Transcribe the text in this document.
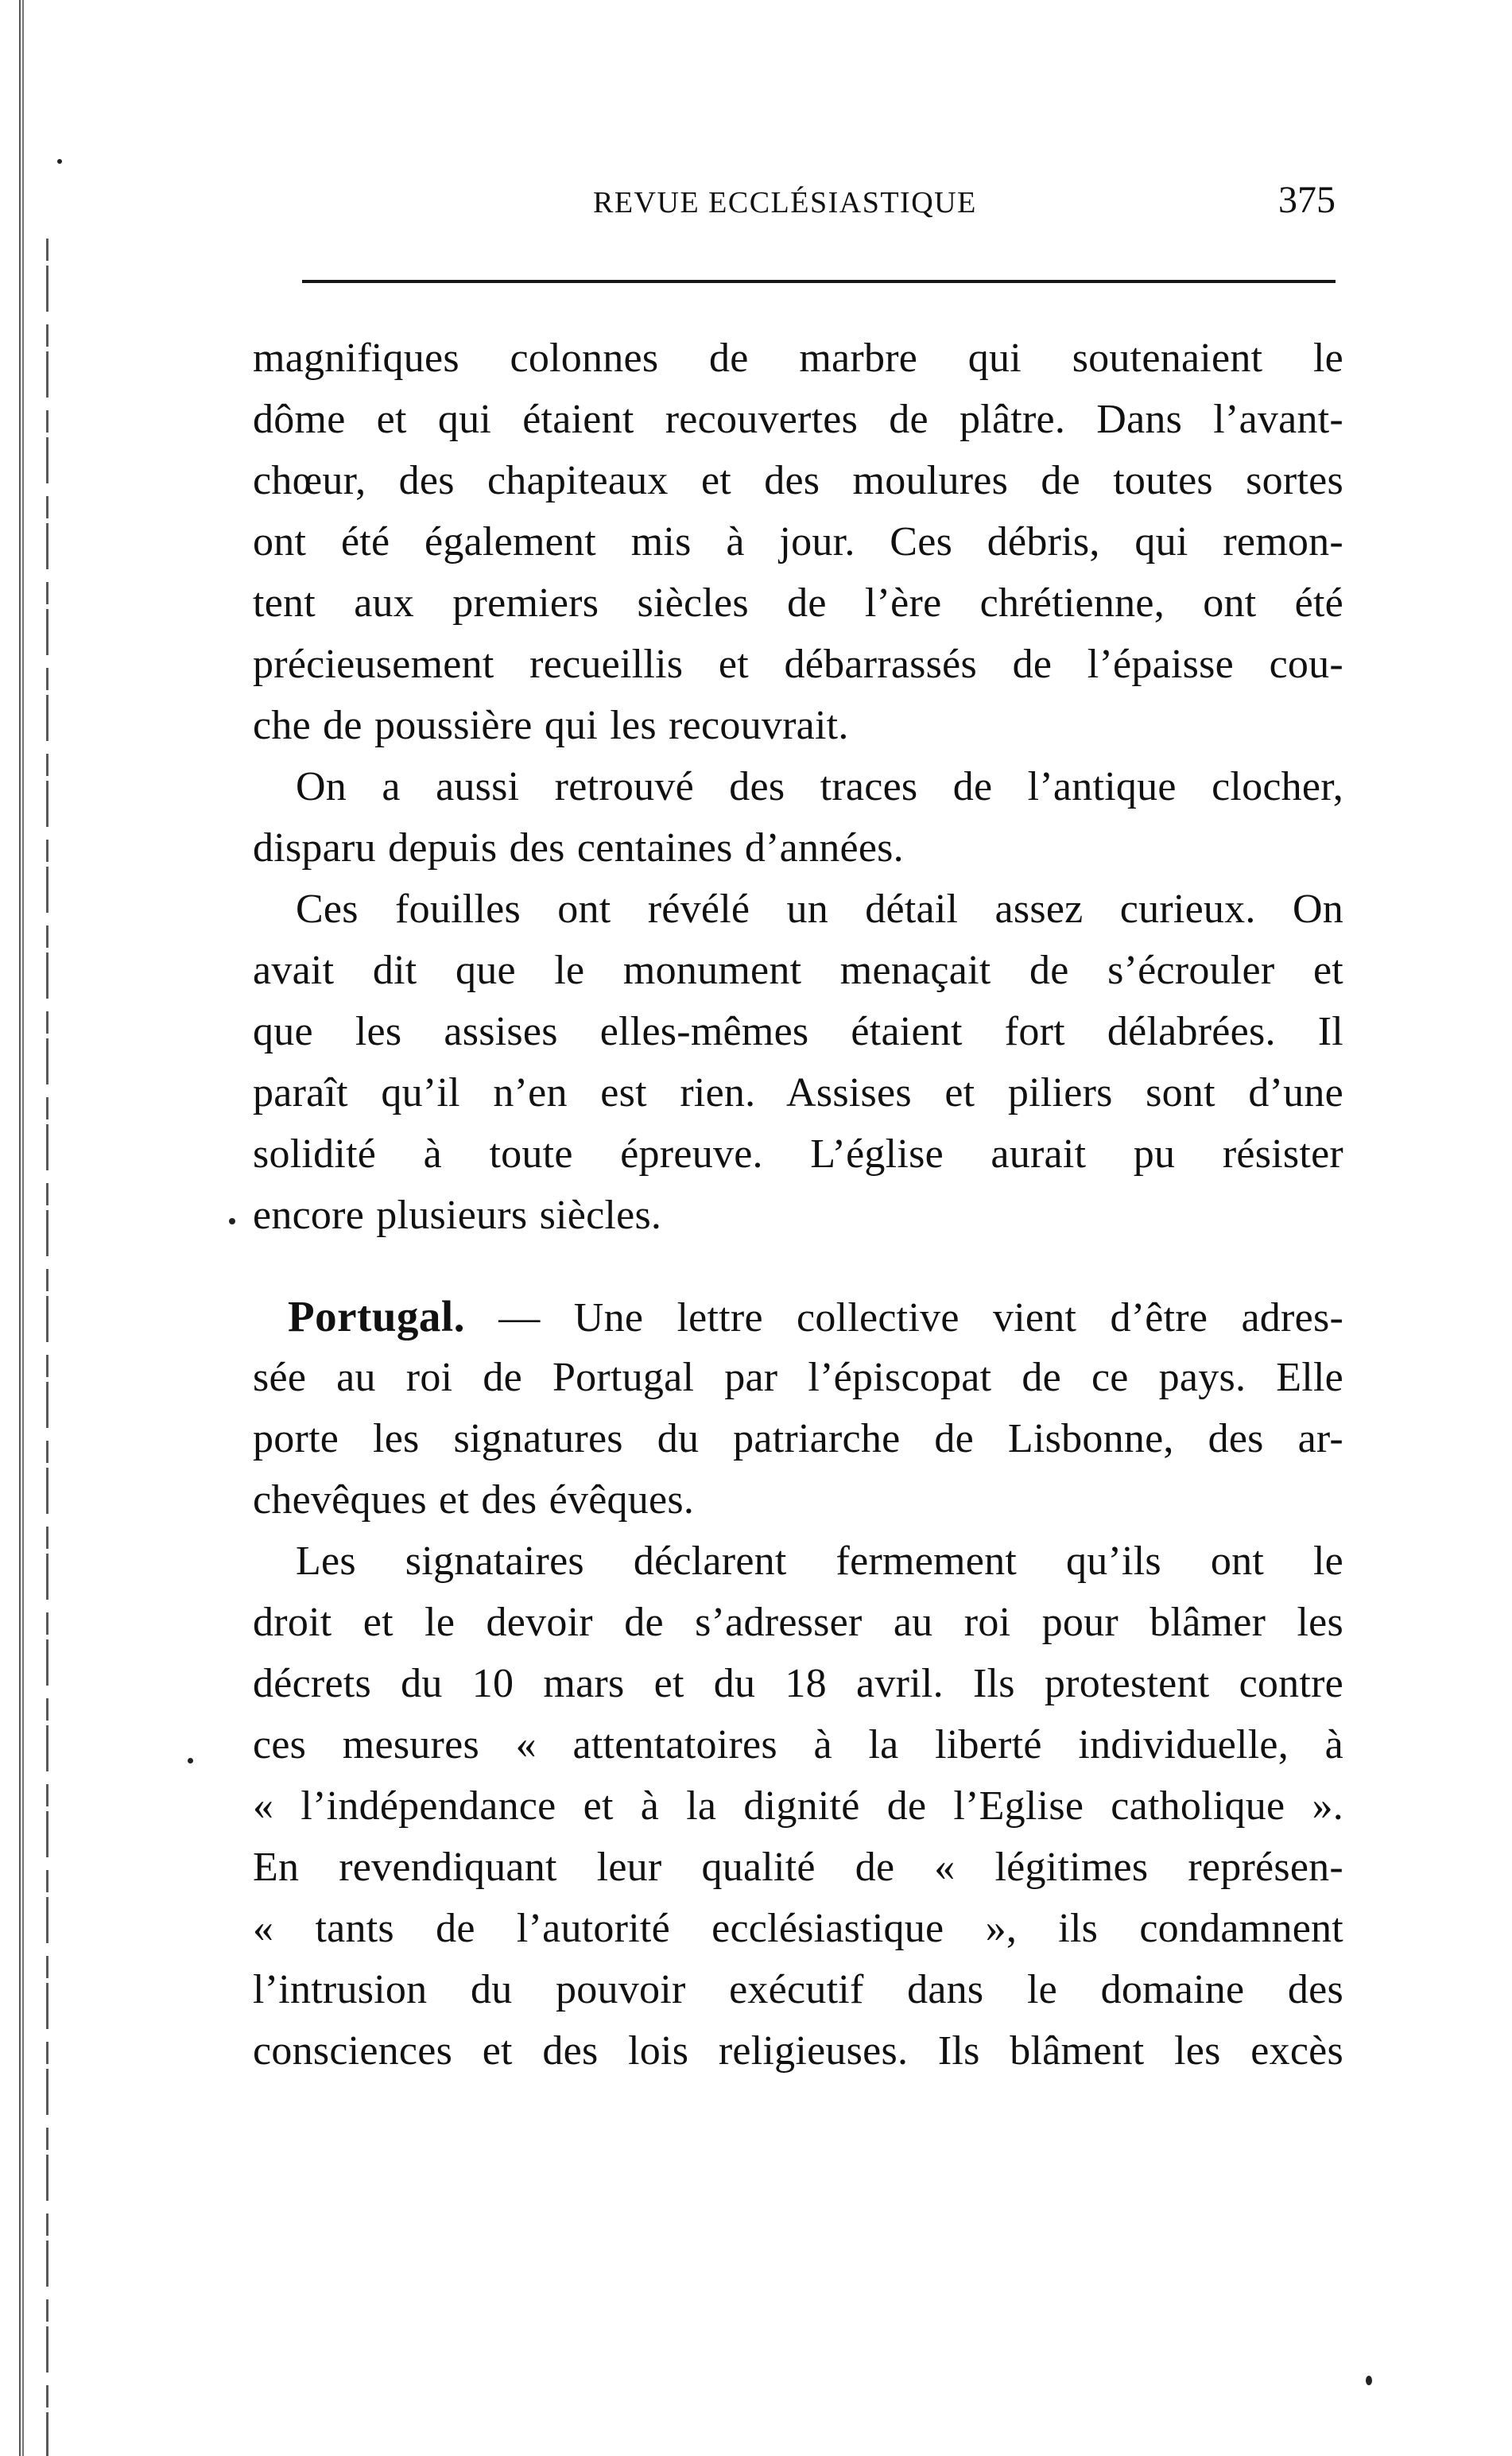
REVUE ECCLÉSIASTIQUE	375
magnifiques colonnes de marbre qui soutenaient le
dôme et qui étaient recouvertes de plâtre. Dans l’avant-
chœur, des chapiteaux et des moulures de toutes sortes
ont été également mis à jour. Ces débris, qui remon-
tent aux premiers siècles de l’ère chrétienne, ont été
précieusement recueillis et débarrassés de l’épaisse cou-
che de poussière qui les recouvrait.
On a aussi retrouvé des traces de l’antique clocher,
disparu depuis des centaines d’années.
Ces fouilles ont révélé un détail assez curieux. On
avait dit que le monument menaçait de s’écrouler et
que les assises elles-mêmes étaient fort délabrées. Il
paraît qu’il n’en est rien. Assises et piliers sont d’une
solidité à toute épreuve. L’église aurait pu résister
encore plusieurs siècles.
Portugal. — Une lettre collective vient d’être adres-
sée au roi de Portugal par l’épiscopat de ce pays. Elle
porte les signatures du patriarche de Lisbonne, des ar-
chevêques et des évêques.
Les signataires déclarent fermement qu’ils ont le
droit et le devoir de s’adresser au roi pour blâmer les
décrets du 10 mars et du 18 avril. Ils protestent contre
ces mesures « attentatoires à la liberté individuelle, à
« l’indépendance et à la dignité de l’Eglise catholique ».
En revendiquant leur qualité de « légitimes représen-
« tants de l’autorité ecclésiastique », ils condamnent
l’intrusion du pouvoir exécutif dans le domaine des
consciences et des lois religieuses. Ils blâment les excès
